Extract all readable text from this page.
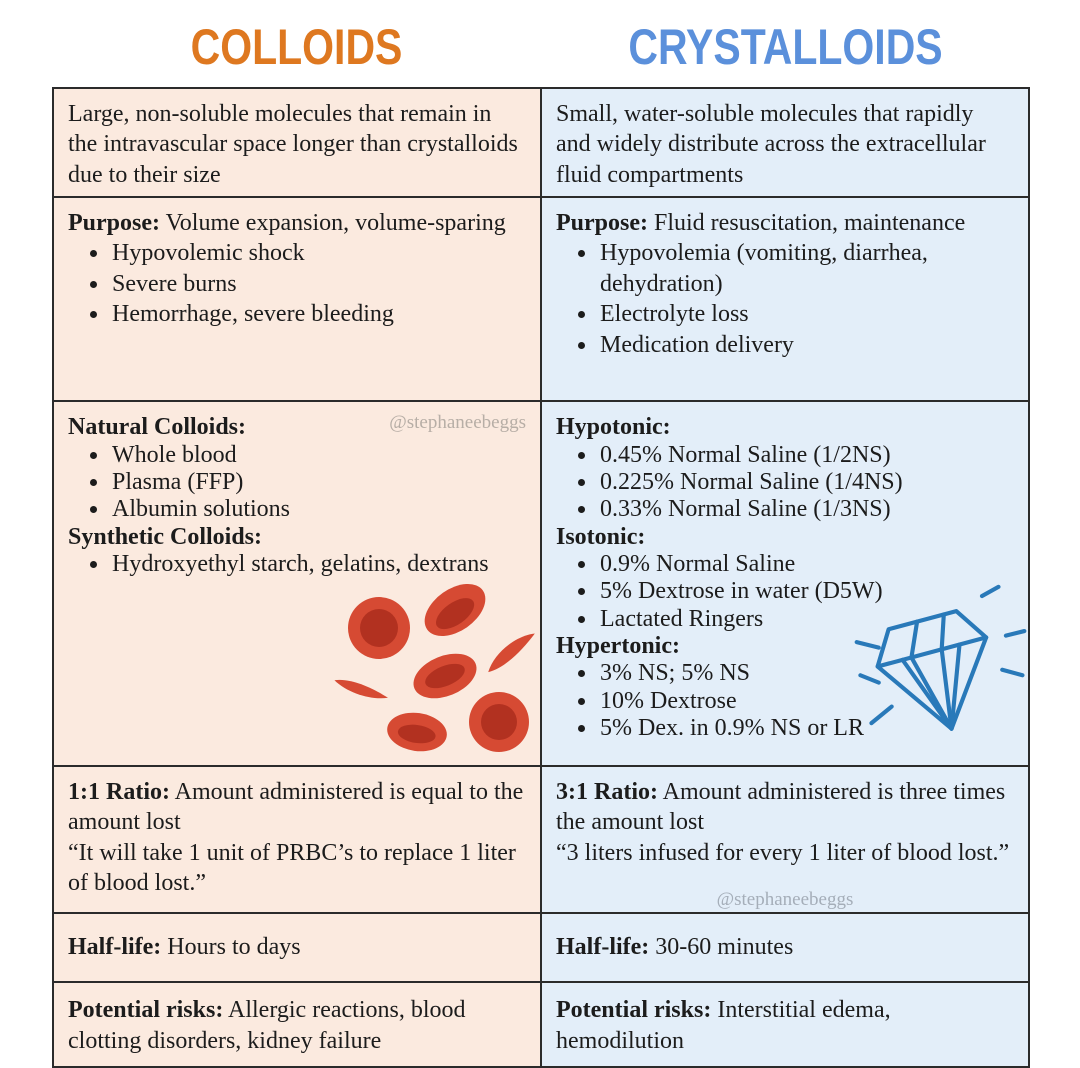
COLLOIDS	CRYSTALLOIDS

Large, non-soluble molecules that remain in the intravascular space longer than crystalloids due to their size

Small, water-soluble molecules that rapidly and widely distribute across the extracellular fluid compartments

Purpose: Volume expansion, volume-sparing

• Hypovolemic shock
• Severe burns
• Hemorrhage, severe bleeding

Purpose: Fluid resuscitation, maintenance

• Hypovolemia (vomiting, diarrhea, dehydration)
• Electrolyte loss
• Medication delivery
@stephaneebeggs

Natural Colloids:

• Whole blood
• Plasma (FFP)
• Albumin solutions

Synthetic Colloids:

• Hydroxyethyl starch, gelatins, dextrans

Hypotonic:

• 0.45% Normal Saline (1/2NS)
• 0.225% Normal Saline (1/4NS)
• 0.33% Normal Saline (1/3NS)

Isotonic:

• 0.9% Normal Saline
• 5% Dextrose in water (D5W)
• Lactated Ringers

Hypertonic:

• 3% NS; 5% NS
• 10% Dextrose
• 5% Dex. in 0.9% NS or LR

1:1 Ratio: Amount administered is equal to the amount lost

“It will take 1 unit of PRBC’s to replace 1 liter of blood lost.”

3:1 Ratio: Amount administered is three times the amount lost

“3 liters infused for every 1 liter of blood lost.”

@stephaneebeggs

Half-life: Hours to days	Half-life: 30-60 minutes

Potential risks: Allergic reactions, blood clotting disorders, kidney failure

Potential risks: Interstitial edema, hemodilution
